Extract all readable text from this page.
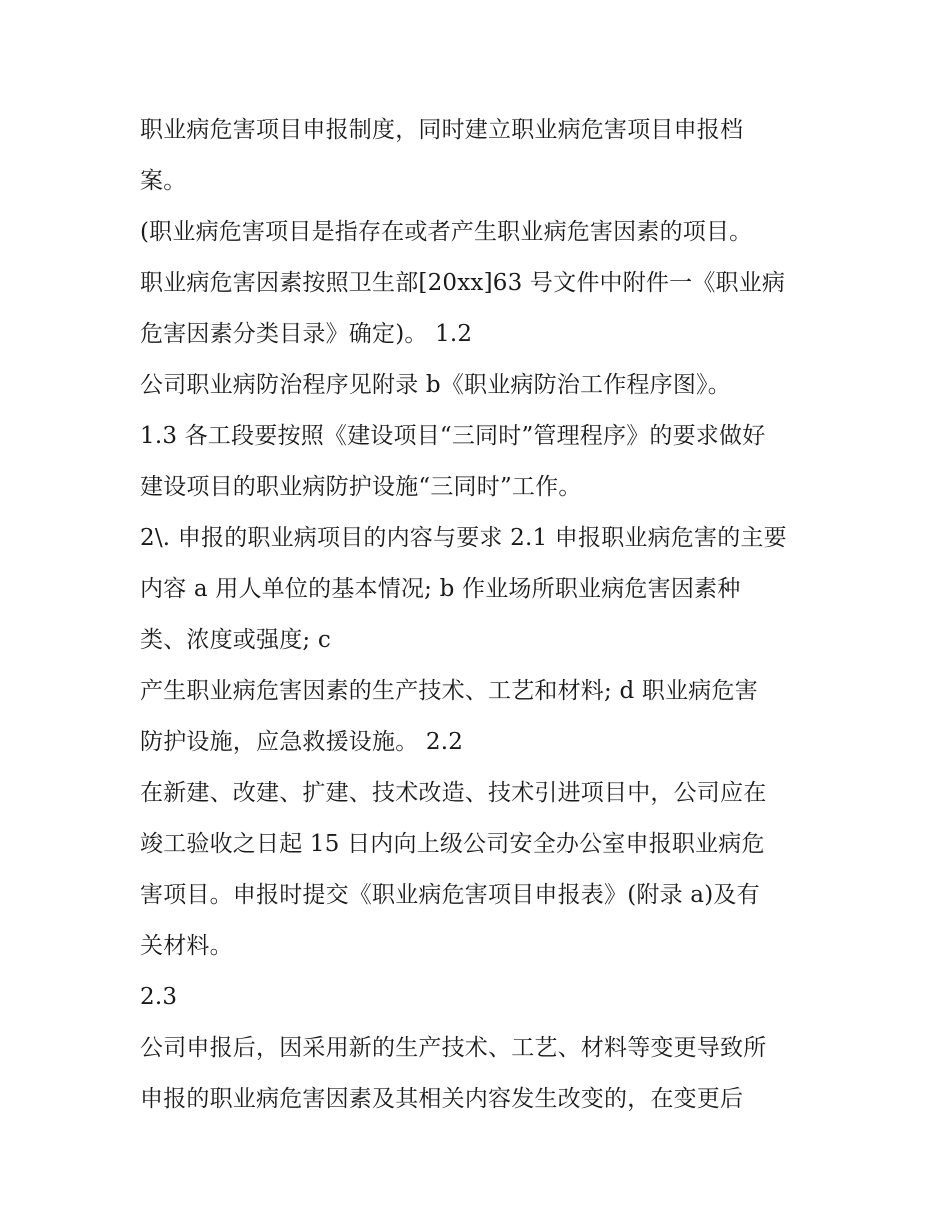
职业病危害项目申报制度，同时建立职业病危害项目申报档
案。
(职业病危害项目是指存在或者产生职业病危害因素的项目。
职业病危害因素按照卫生部[20xx]63 号文件中附件一《职业病
危害因素分类目录》确定)。 1.2
公司职业病防治程序见附录 b《职业病防治工作程序图》。
1.3 各工段要按照《建设项目“三同时”管理程序》的要求做好
建设项目的职业病防护设施“三同时”工作。
2\. 申报的职业病项目的内容与要求 2.1 申报职业病危害的主要
内容 a 用人单位的基本情况; b 作业场所职业病危害因素种
类、浓度或强度; c
产生职业病危害因素的生产技术、工艺和材料; d 职业病危害
防护设施，应急救援设施。 2.2
在新建、改建、扩建、技术改造、技术引进项目中，公司应在
竣工验收之日起 15 日内向上级公司安全办公室申报职业病危
害项目。申报时提交《职业病危害项目申报表》(附录 a)及有
关材料。
2.3
公司申报后，因采用新的生产技术、工艺、材料等变更导致所
申报的职业病危害因素及其相关内容发生改变的，在变更后
